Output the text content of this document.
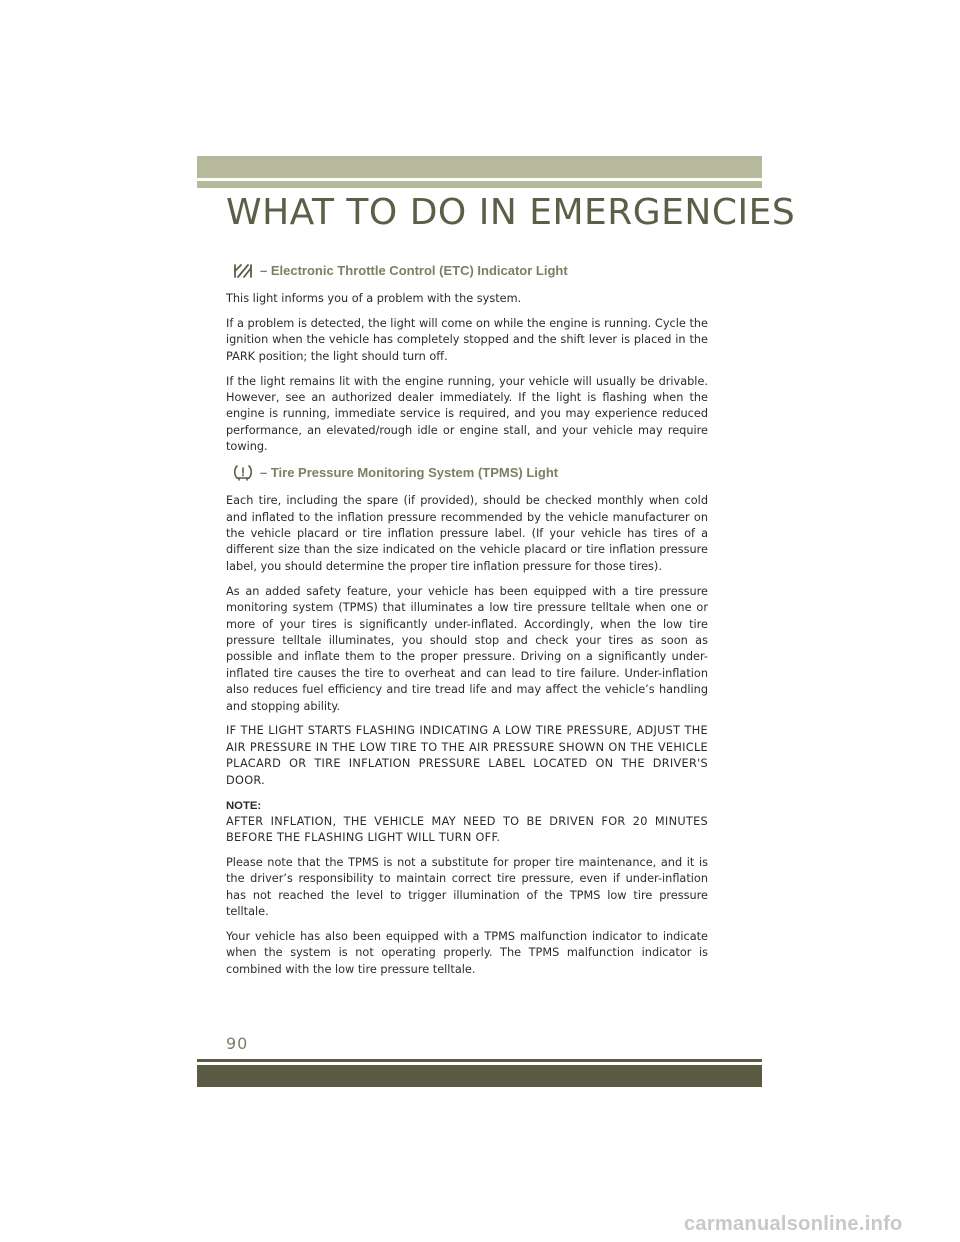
WHAT TO DO IN EMERGENCIES
– Electronic Throttle Control (ETC) Indicator Light

This light informs you of a problem with the system.

If a problem is detected, the light will come on while the engine is running. Cycle the ignition when the vehicle has completely stopped and the shift lever is placed in the PARK position; the light should turn off.

If the light remains lit with the engine running, your vehicle will usually be drivable. However, see an authorized dealer immediately. If the light is flashing when the engine is running, immediate service is required, and you may experience reduced performance, an elevated/rough idle or engine stall, and your vehicle may require towing.

– Tire Pressure Monitoring System (TPMS) Light

Each tire, including the spare (if provided), should be checked monthly when cold and inflated to the inflation pressure recommended by the vehicle manufacturer on the vehicle placard or tire inflation pressure label. (If your vehicle has tires of a different size than the size indicated on the vehicle placard or tire inflation pressure label, you should determine the proper tire inflation pressure for those tires).

As an added safety feature, your vehicle has been equipped with a tire pressure monitoring system (TPMS) that illuminates a low tire pressure telltale when one or more of your tires is significantly under-inflated. Accordingly, when the low tire pressure telltale illuminates, you should stop and check your tires as soon as possible and inflate them to the proper pressure. Driving on a significantly under-inflated tire causes the tire to overheat and can lead to tire failure. Under-inflation also reduces fuel efficiency and tire tread life and may affect the vehicle’s handling and stopping ability.

IF THE LIGHT STARTS FLASHING INDICATING A LOW TIRE PRESSURE, ADJUST THE AIR PRESSURE IN THE LOW TIRE TO THE AIR PRESSURE SHOWN ON THE VEHICLE PLACARD OR TIRE INFLATION PRESSURE LABEL LOCATED ON THE DRIVER'S DOOR.

NOTE:

AFTER INFLATION, THE VEHICLE MAY NEED TO BE DRIVEN FOR 20 MINUTES BEFORE THE FLASHING LIGHT WILL TURN OFF.

Please note that the TPMS is not a substitute for proper tire maintenance, and it is the driver’s responsibility to maintain correct tire pressure, even if under-inflation has not reached the level to trigger illumination of the TPMS low tire pressure telltale.

Your vehicle has also been equipped with a TPMS malfunction indicator to indicate when the system is not operating properly. The TPMS malfunction indicator is combined with the low tire pressure telltale.

90
carmanualsonline.info
